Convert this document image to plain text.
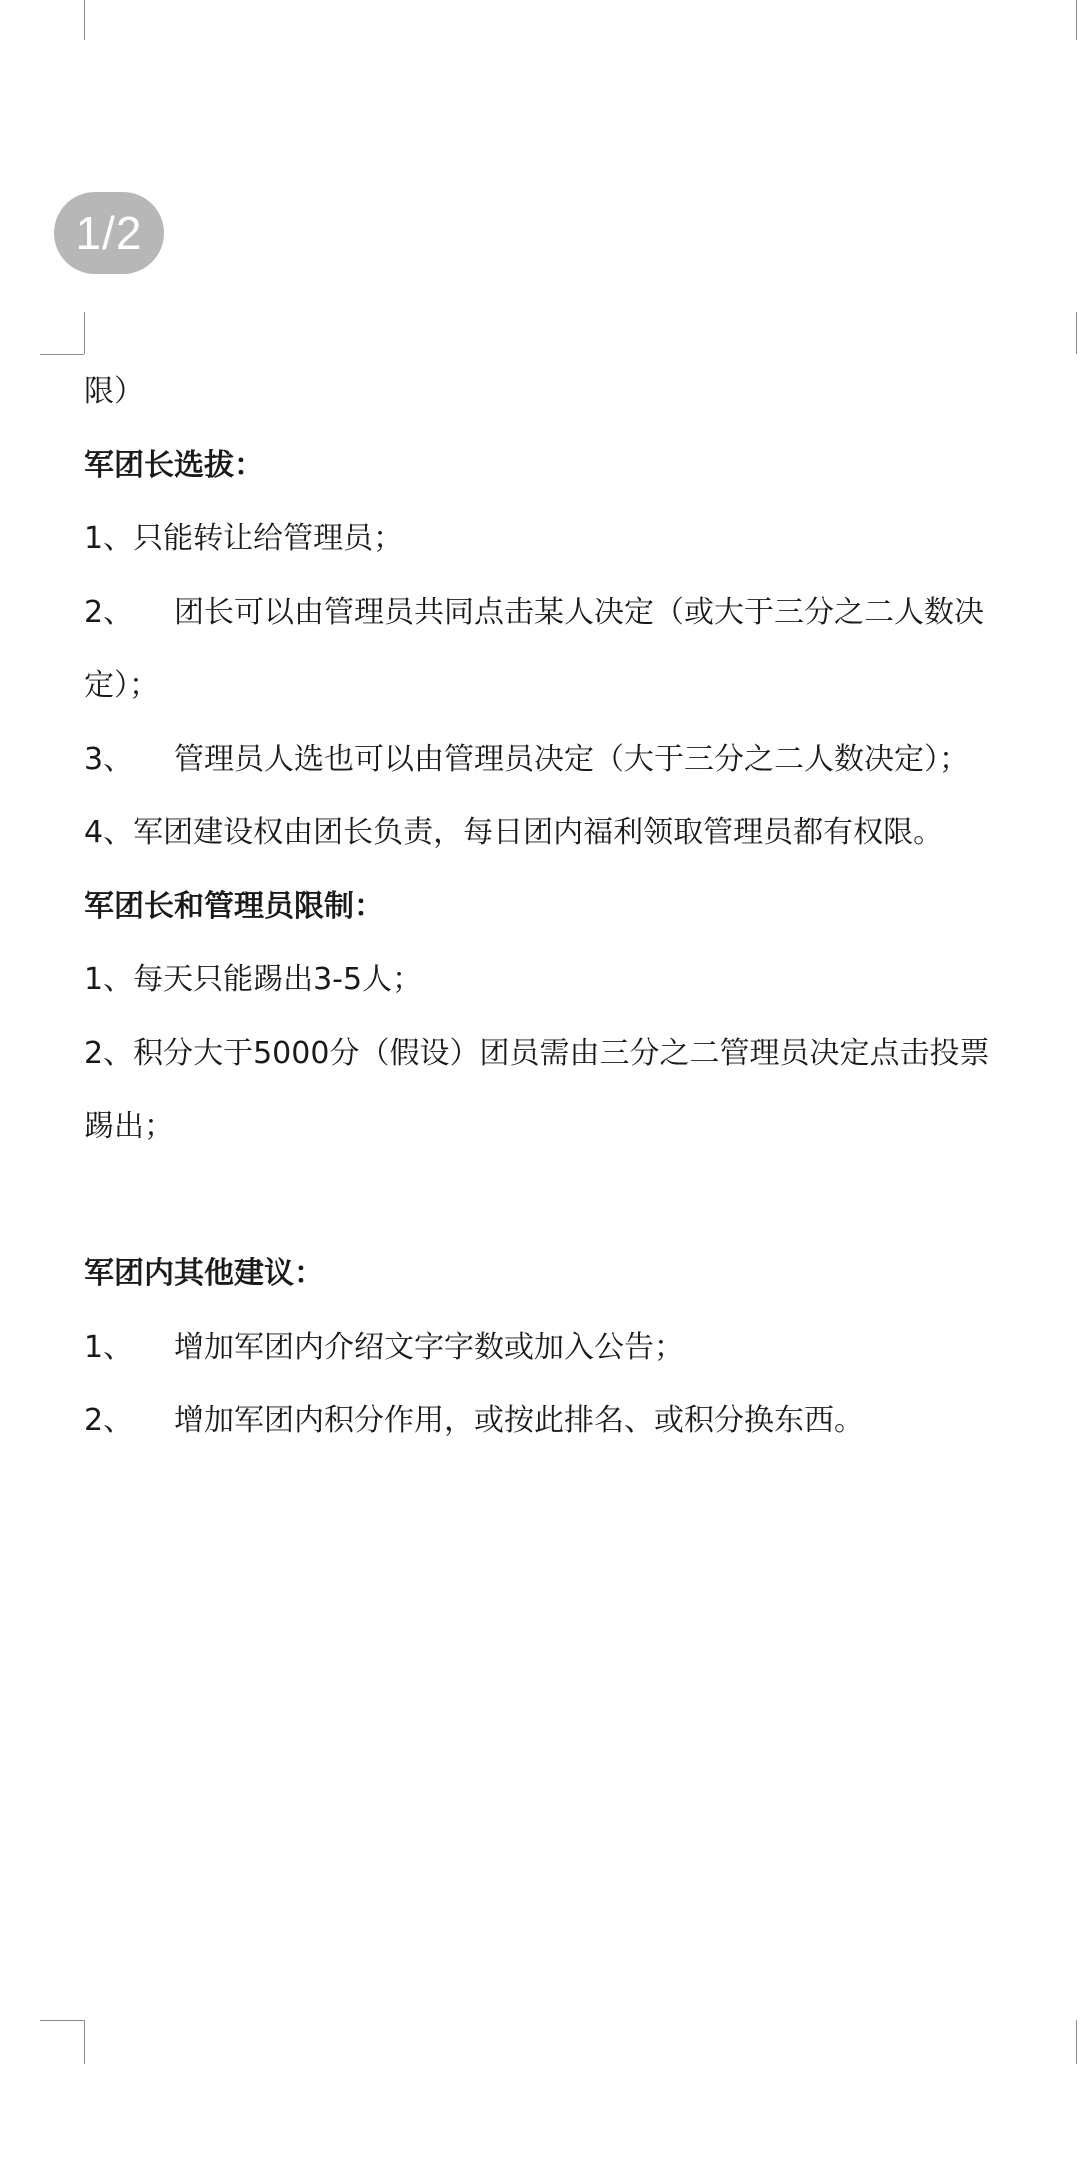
1/2
限）
军团长选拔：
1、只能转让给管理员；
2、 团长可以由管理员共同点击某人决定（或大于三分之二人数决
定）；
3、 管理员人选也可以由管理员决定（大于三分之二人数决定）；
4、军团建设权由团长负责，每日团内福利领取管理员都有权限。
军团长和管理员限制：
1、每天只能踢出3-5人；
2、积分大于5000分（假设）团员需由三分之二管理员决定点击投票
踢出；
军团内其他建议：
1、 增加军团内介绍文字字数或加入公告；
2、 增加军团内积分作用，或按此排名、或积分换东西。
